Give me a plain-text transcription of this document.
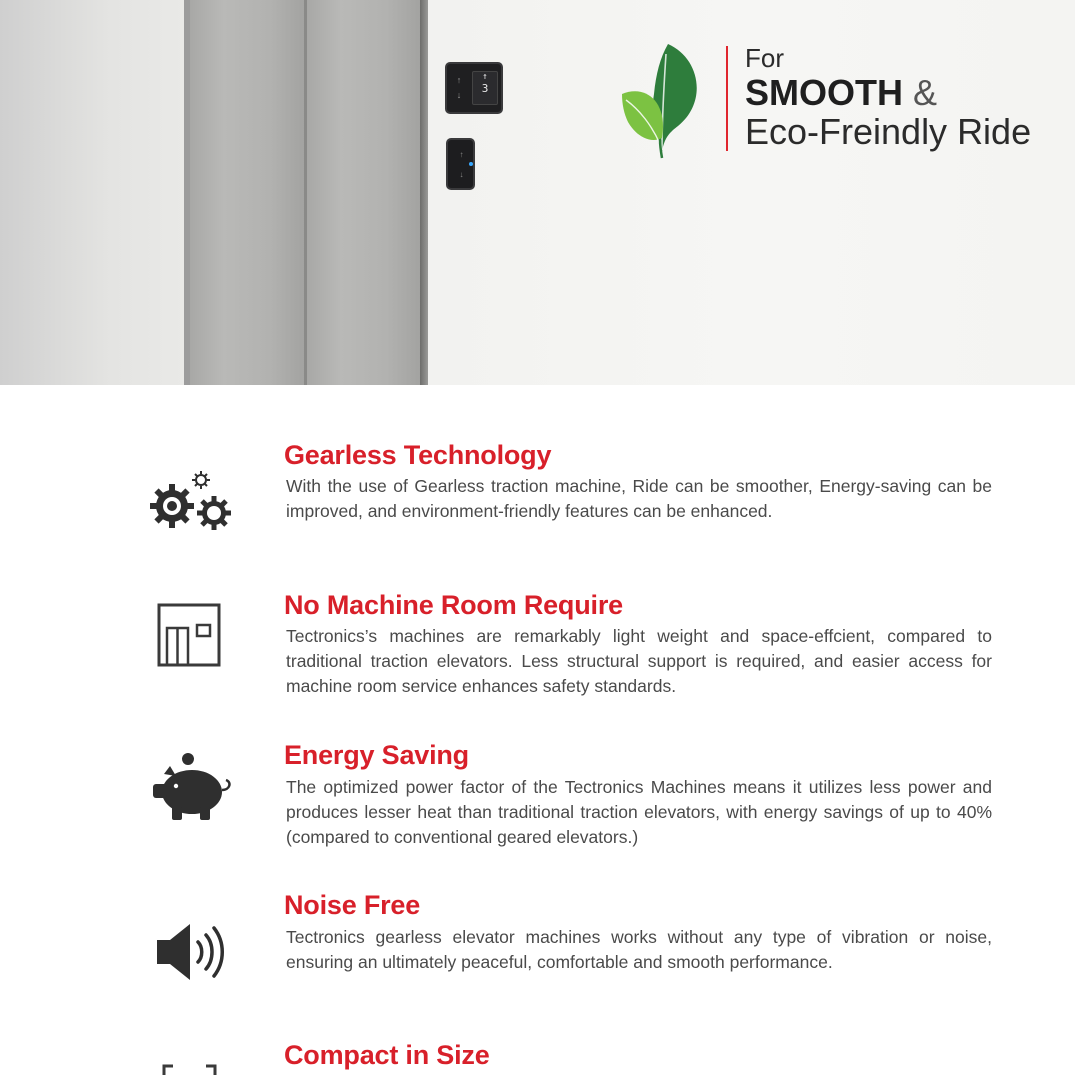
↑
↓
↑
3
↑
↓
For
SMOOTH &
Eco-Freindly Ride
Gearless Technology
With the use of Gearless traction machine, Ride can be smoother, Energy-saving can be improved, and environment-friendly features can be enhanced.
No Machine Room Require
Tectronics’s machines are remarkably light weight and space-effcient, compared to traditional traction elevators. Less structural support is required, and easier access for machine room service enhances safety standards.
Energy Saving
The optimized power factor of the Tectronics Machines means it utilizes less power and produces lesser heat than traditional traction elevators, with energy savings of up to 40% (compared to conventional geared elevators.)
Noise Free
Tectronics gearless elevator machines works without any type of vibration or noise, ensuring an ultimately peaceful, comfortable and smooth performance.
Compact in Size
